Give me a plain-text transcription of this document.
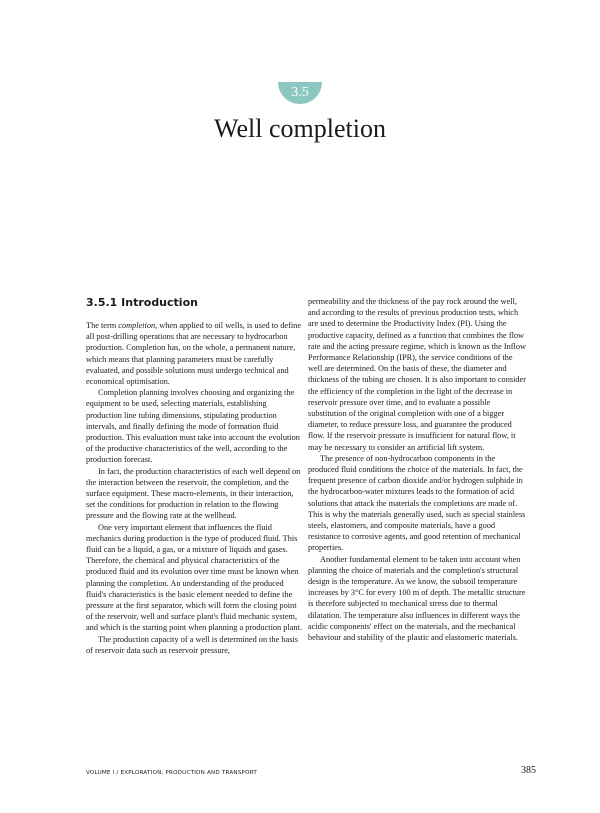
3.5
Well completion
3.5.1 Introduction

The term completion, when applied to oil wells, is used to define all post-drilling operations that are necessary to hydrocarbon production. Completion has, on the whole, a permanent nature, which means that planning parameters must be carefully evaluated, and possible solutions must undergo technical and economical optimisation.

Completion planning involves choosing and organizing the equipment to be used, selecting materials, establishing production line tubing dimensions, stipulating production intervals, and finally defining the mode of formation fluid production. This evaluation must take into account the evolution of the productive characteristics of the well, according to the production forecast.

In fact, the production characteristics of each well depend on the interaction between the reservoir, the completion, and the surface equipment. These macro-elements, in their interaction, set the conditions for production in relation to the flowing pressure and the flowing rate at the wellhead.

One very important element that influences the fluid mechanics during production is the type of produced fluid. This fluid can be a liquid, a gas, or a mixture of liquids and gases. Therefore, the chemical and physical characteristics of the produced fluid and its evolution over time must be known when planning the completion. An understanding of the produced fluid's characteristics is the basic element needed to define the pressure at the first separator, which will form the closing point of the reservoir, well and surface plant's fluid mechanic system, and which is the starting point when planning a production plant.

The production capacity of a well is determined on the basis of reservoir data such as reservoir pressure,

permeability and the thickness of the pay rock around the well, and according to the results of previous production tests, which are used to determine the Productivity Index (PI). Using the productive capacity, defined as a function that combines the flow rate and the acting pressure regime, which is known as the Inflow Performance Relationship (IPR), the service conditions of the well are determined. On the basis of these, the diameter and thickness of the tubing are chosen. It is also important to consider the efficiency of the completion in the light of the decrease in reservoir pressure over time, and to evaluate a possible substitution of the original completion with one of a bigger diameter, to reduce pressure loss, and guarantee the produced flow. If the reservoir pressure is insufficient for natural flow, it may be necessary to consider an artificial lift system.

The presence of non-hydrocarbon components in the produced fluid conditions the choice of the materials. In fact, the frequent presence of carbon dioxide and/or hydrogen sulphide in the hydrocarbon-water mixtures leads to the formation of acid solutions that attack the materials the completions are made of. This is why the materials generally used, such as special stainless steels, elastomers, and composite materials, have a good resistance to corrosive agents, and good retention of mechanical properties.

Another fundamental element to be taken into account when planning the choice of materials and the completion's structural design is the temperature. As we know, the subsoil temperature increases by 3°C for every 100 m of depth. The metallic structure is therefore subjected to mechanical stress due to thermal dilatation. The temperature also influences in different ways the acidic components' effect on the materials, and the mechanical behaviour and stability of the plastic and elastomeric materials.

VOLUME I / EXPLORATION, PRODUCTION AND TRANSPORT	385
